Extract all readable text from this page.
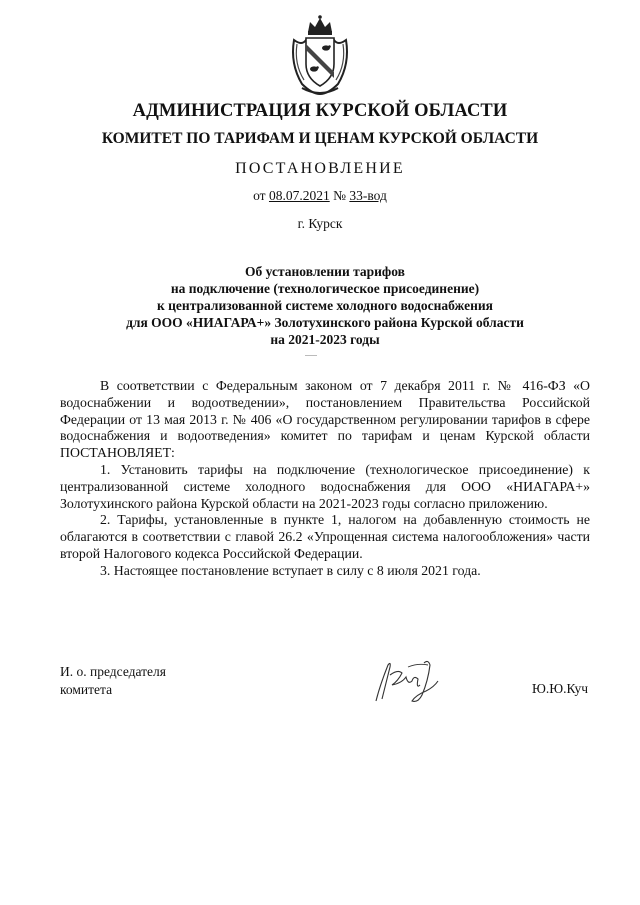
АДМИНИСТРАЦИЯ КУРСКОЙ ОБЛАСТИ
КОМИТЕТ ПО ТАРИФАМ И ЦЕНАМ КУРСКОЙ ОБЛАСТИ
ПОСТАНОВЛЕНИЕ
от 08.07.2021 № 33-вод
г. Курск
Об установлении тарифов
на подключение (технологическое присоединение)
к централизованной системе холодного водоснабжения
для ООО «НИАГАРА+» Золотухинского района Курской области
на 2021-2023 годы

В соответствии с Федеральным законом от 7 декабря 2011 г. № 416-ФЗ «О водоснабжении и водоотведении», постановлением Правительства Российской Федерации от 13 мая 2013 г. № 406 «О государственном регулировании тарифов в сфере водоснабжения и водоотведения» комитет по тарифам и ценам Курской области ПОСТАНОВЛЯЕТ:

1. Установить тарифы на подключение (технологическое присоединение) к централизованной системе холодного водоснабжения для ООО «НИАГАРА+» Золотухинского района Курской области на 2021-2023 годы согласно приложению.

2. Тарифы, установленные в пункте 1, налогом на добавленную стоимость не облагаются в соответствии с главой 26.2 «Упрощенная система налогообложения» части второй Налогового кодекса Российской Федерации.

3. Настоящее постановление вступает в силу с 8 июля 2021 года.

И. о. председателя
комитета	Ю.Ю.Куч
